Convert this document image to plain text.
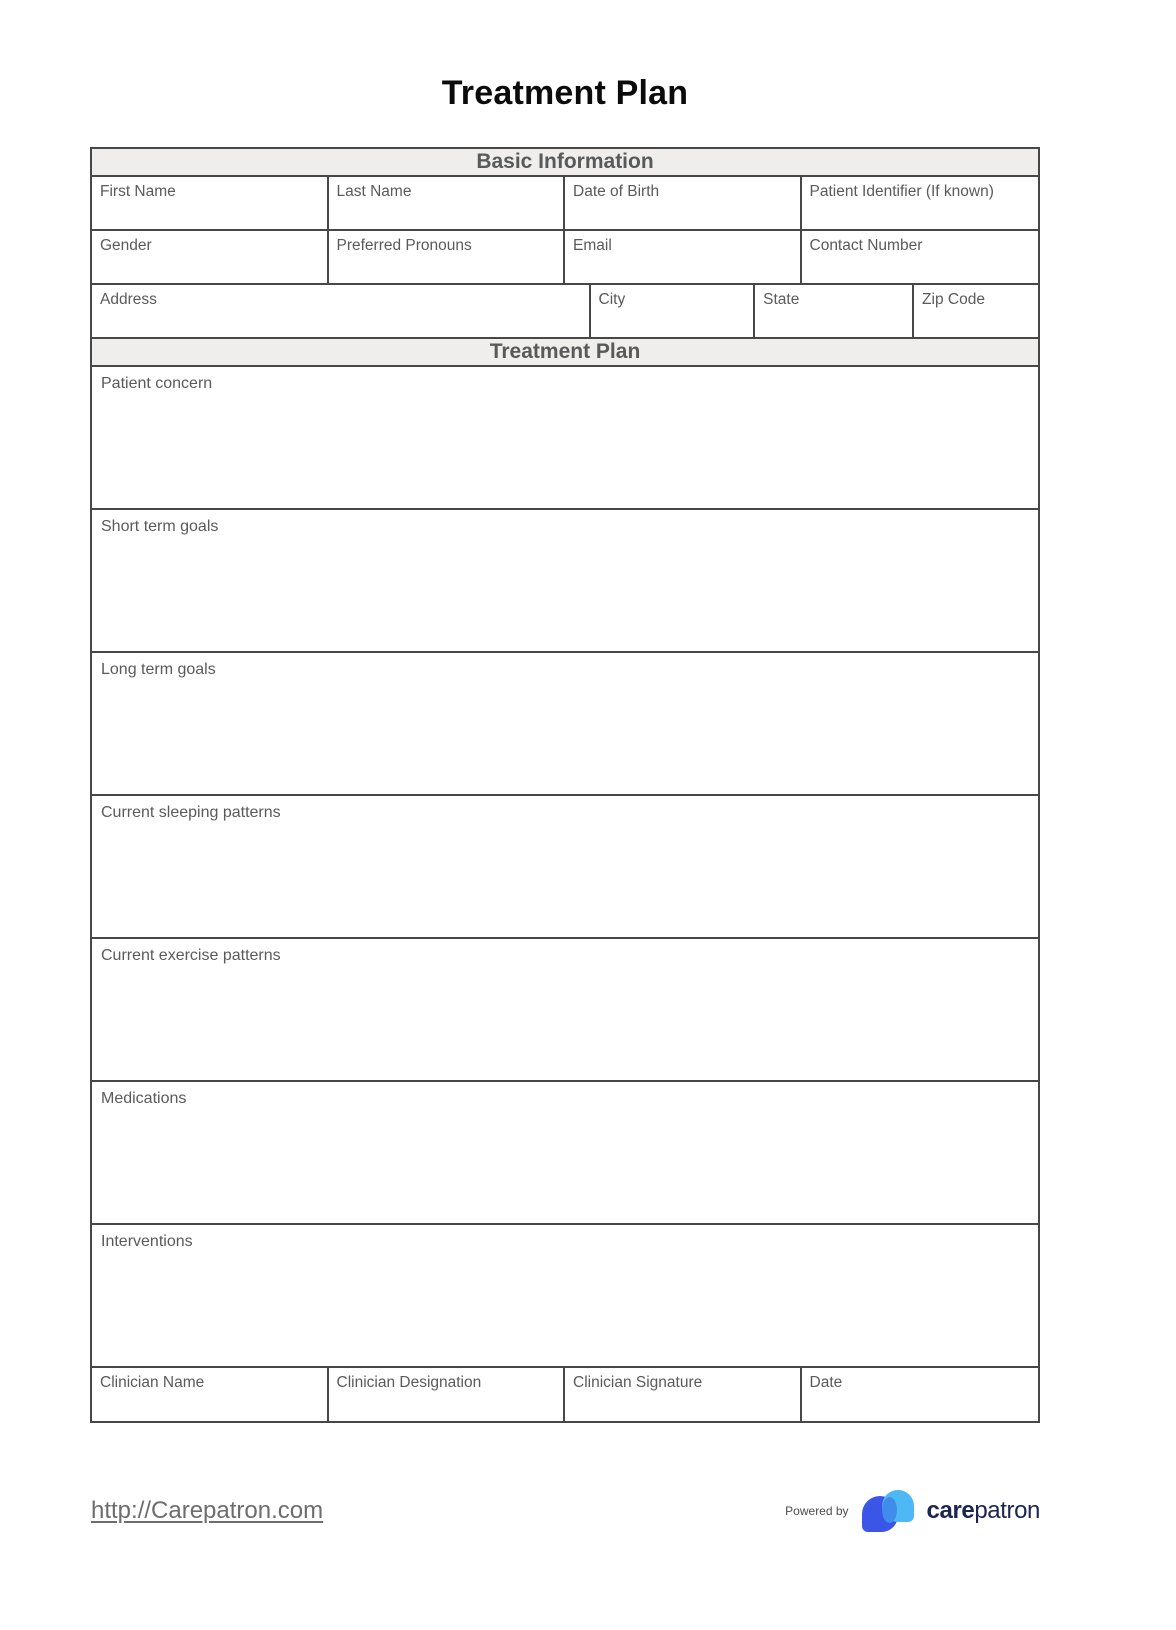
Treatment Plan
Basic Information
First Name	Last Name	Date of Birth	Patient Identifier (If known)
Gender	Preferred Pronouns	Email	Contact Number
Address	City	State	Zip Code
Treatment Plan
Patient concern
Short term goals
Long term goals
Current sleeping patterns
Current exercise patterns
Medications
Interventions
Clinician Name	Clinician Designation	Clinician Signature	Date
http://Carepatron.com	Powered by	carepatron
